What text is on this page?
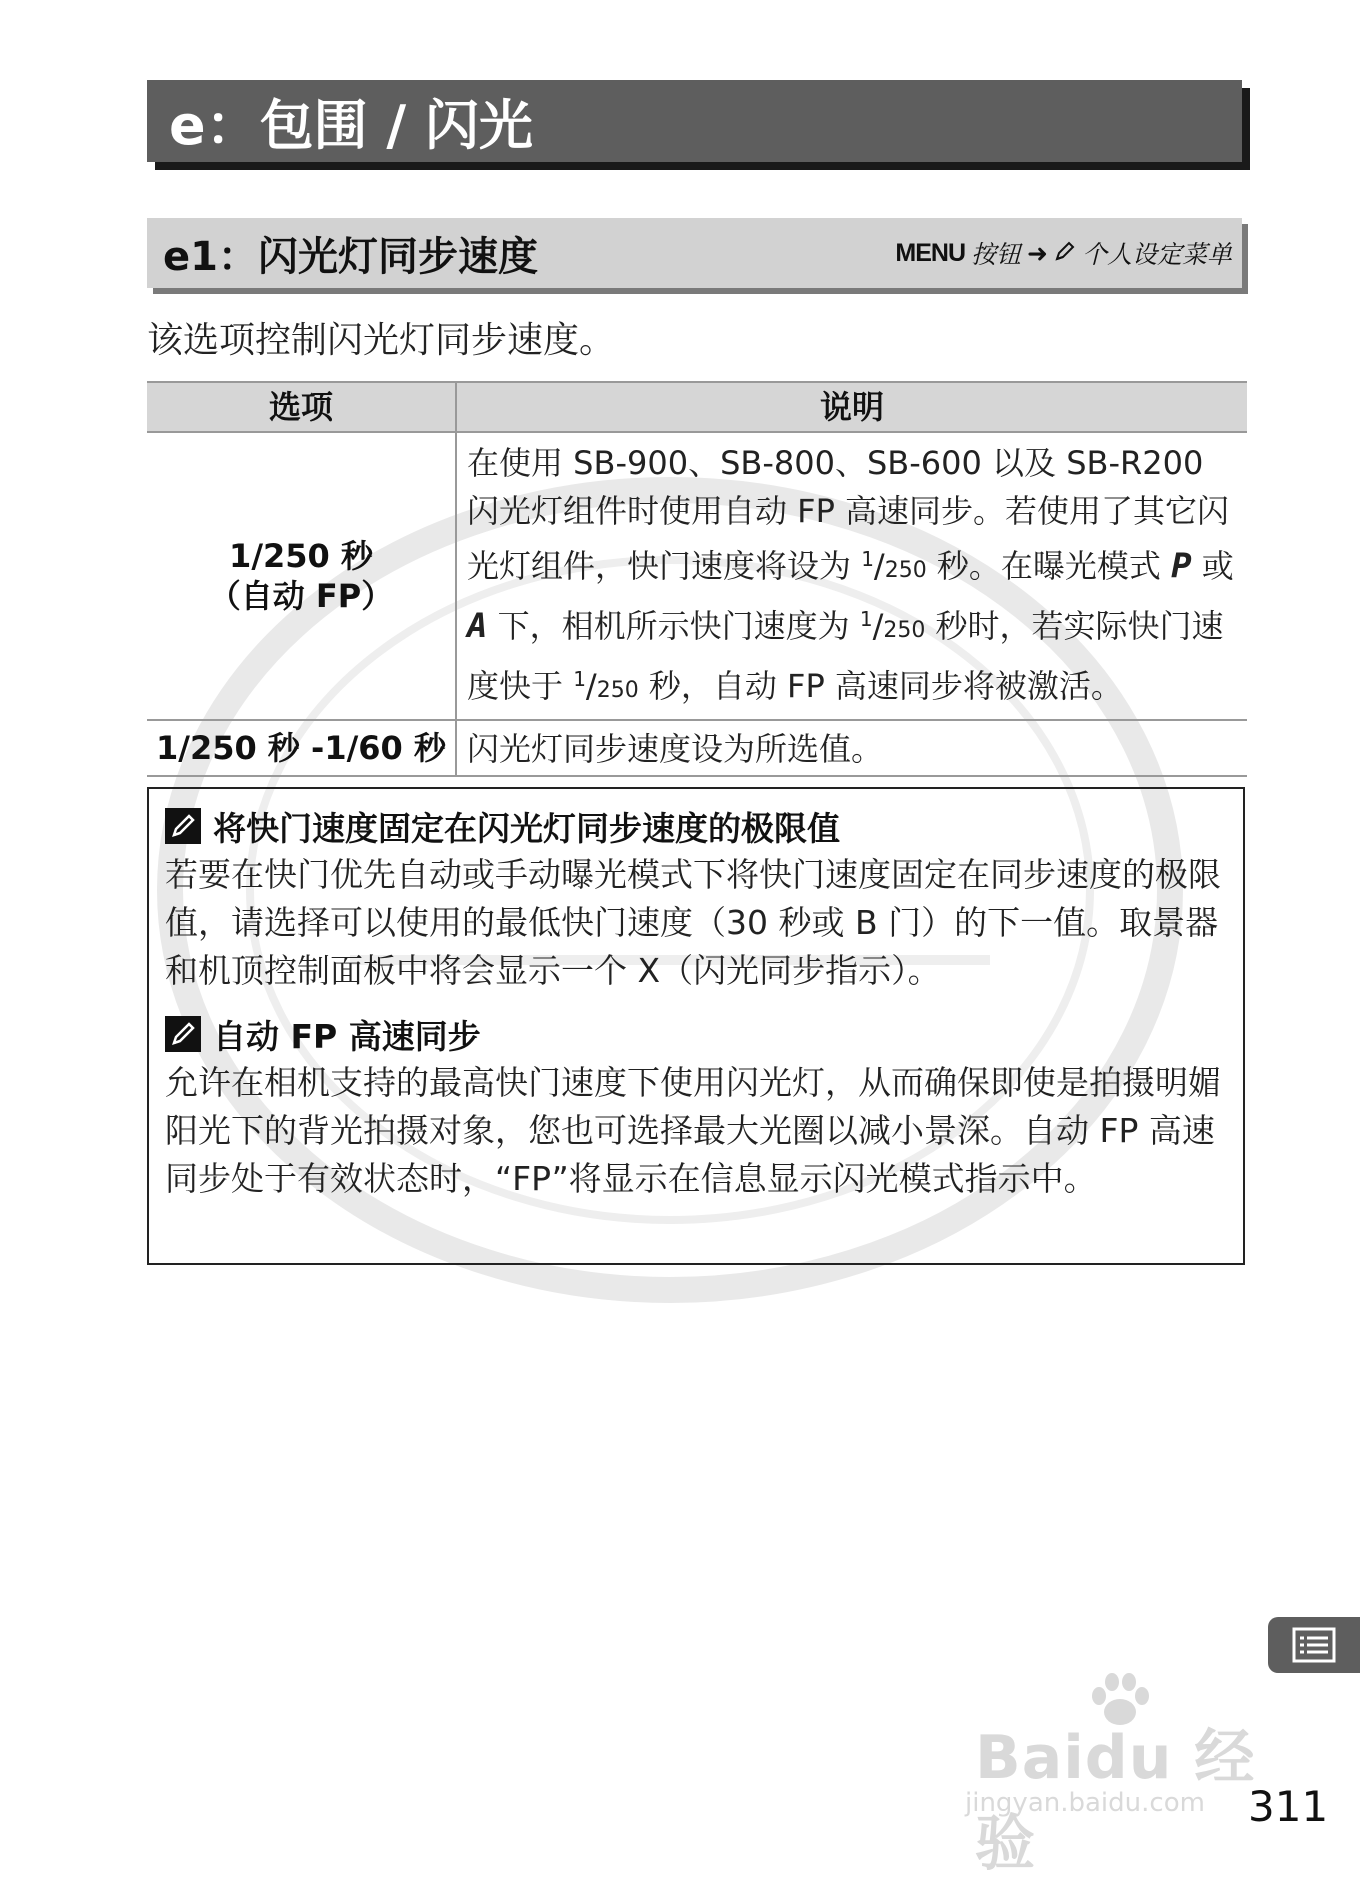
e：包围 / 闪光
e1：闪光灯同步速度	MENU 按钮 ➜ 个人设定菜单
该选项控制闪光灯同步速度。
选项	说明

1/250 秒
（自动 FP）	在使用 SB-900、SB-800、SB-600 以及 SB-R200 闪光灯组件时使用自动 FP 高速同步。若使用了其它闪光灯组件，快门速度将设为 $^1$/250 秒。在曝光模式 P 或 A 下，相机所示快门速度为 $^1$/250 秒时，若实际快门速度快于 $^1$/250 秒，自动 FP 高速同步将被激活。
1/250 秒 -1/60 秒	闪光灯同步速度设为所选值。
将快门速度固定在闪光灯同步速度的极限值
若要在快门优先自动或手动曝光模式下将快门速度固定在同步速度的极限值，请选择可以使用的最低快门速度（30 秒或 B 门）的下一值。取景器和机顶控制面板中将会显示一个 X（闪光同步指示）。
自动 FP 高速同步
允许在相机支持的最高快门速度下使用闪光灯，从而确保即使是拍摄明媚阳光下的背光拍摄对象，您也可选择最大光圈以减小景深。自动 FP 高速同步处于有效状态时，“FP”将显示在信息显示闪光模式指示中。
Baidu 经验
jingyan.baidu.com 311
